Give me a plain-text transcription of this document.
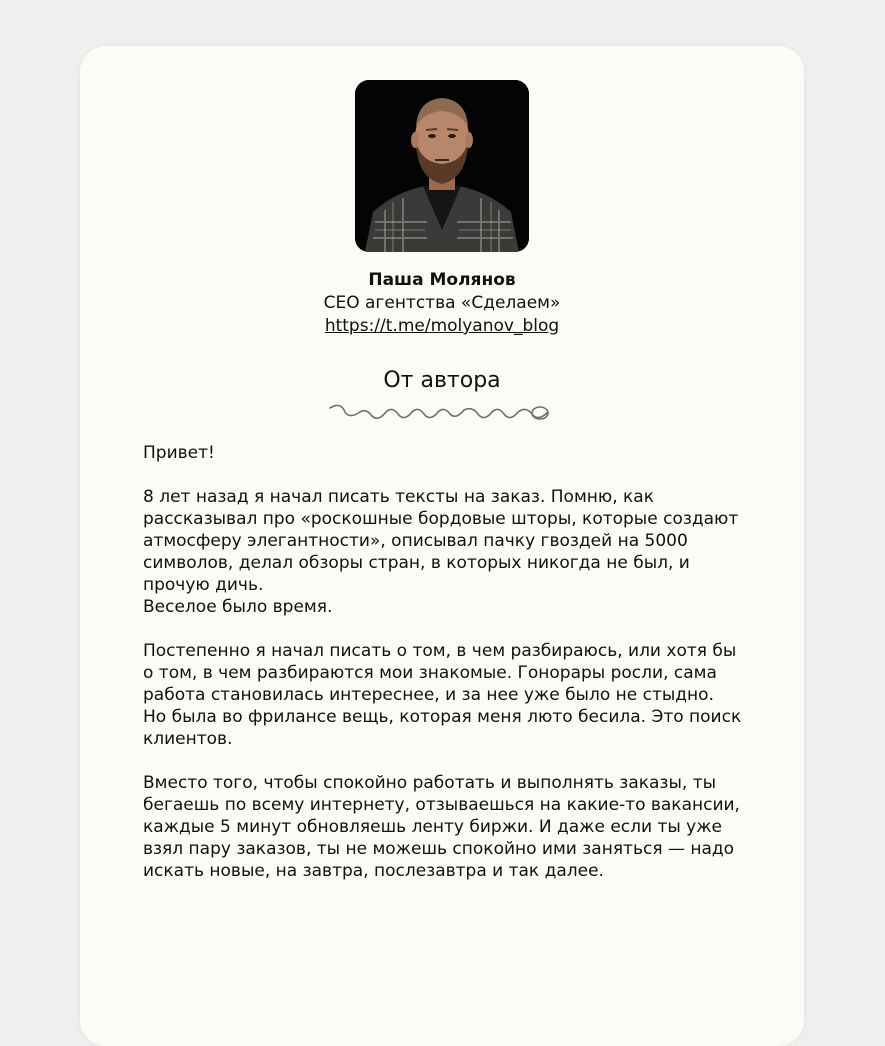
Паша Молянов
CEO агентства «Сделаем»
https://t.me/molyanov_blog
От автора

Привет!

8 лет назад я начал писать тексты на заказ. Помню, как рассказывал про «роскошные бордовые шторы, которые создают атмосферу элегантности», описывал пачку гвоздей на 5000 символов, делал обзоры стран, в которых никогда не был, и прочую дичь.
Веселое было время.

Постепенно я начал писать о том, в чем разбираюсь, или хотя бы о том, в чем разбираются мои знакомые. Гонорары росли, сама работа становилась интереснее, и за нее уже было не стыдно.
Но была во фрилансе вещь, которая меня люто бесила. Это поиск клиентов.

Вместо того, чтобы спокойно работать и выполнять заказы, ты бегаешь по всему интернету, отзываешься на какие-то вакансии, каждые 5 минут обновляешь ленту биржи. И даже если ты уже взял пару заказов, ты не можешь спокойно ими заняться — надо искать новые, на завтра, послезавтра и так далее.
